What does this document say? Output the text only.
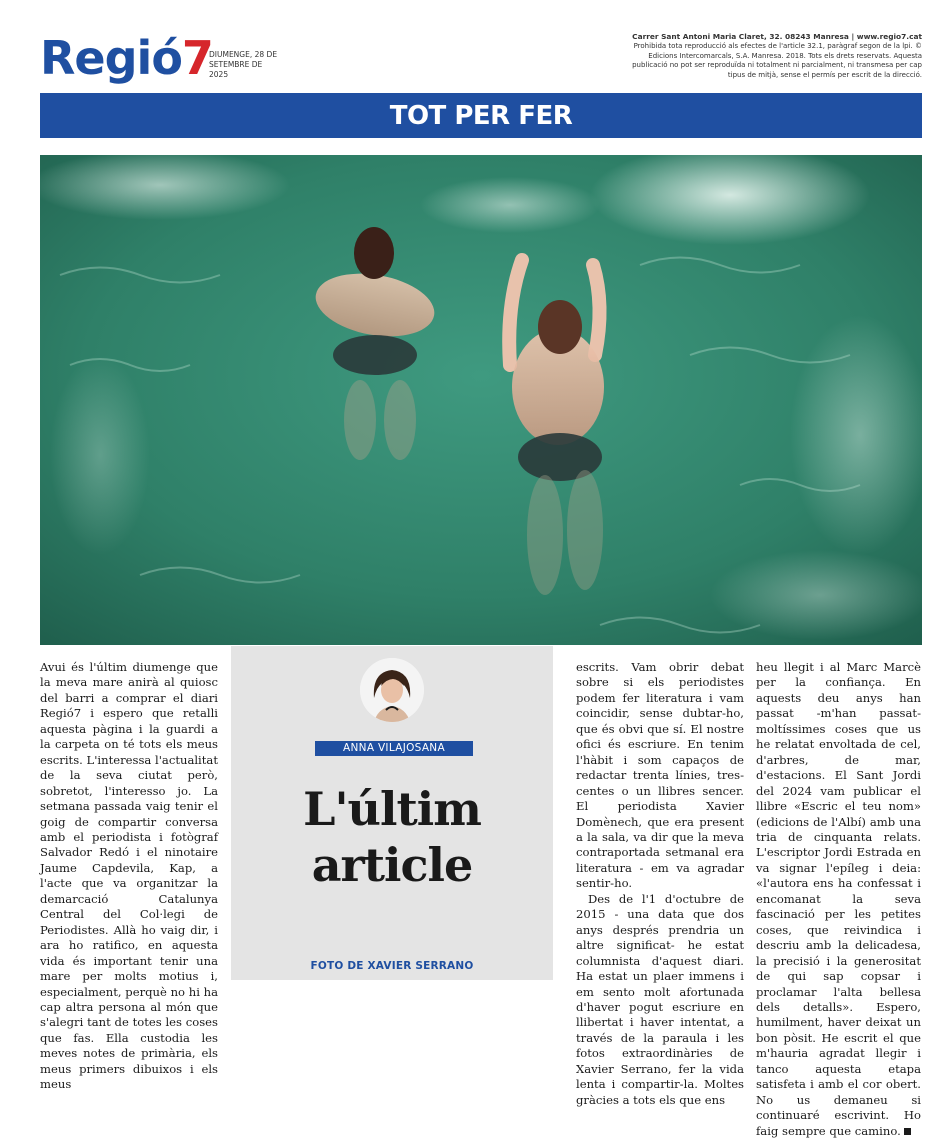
Regió7
DIUMENGE, 28 DE SETEMBRE DE 2025
Carrer Sant Antoni Maria Claret, 32. 08243 Manresa | www.regio7.cat
Prohibida tota reproducció als efectes de l'article 32.1, paràgraf segon de la lpi. © Edicions Intercomarcals, S.A. Manresa. 2018. Tots els drets reservats. Aquesta publicació no pot ser reproduïda ni totalment ni parcialment, ni transmesa per cap tipus de mitjà, sense el permís per escrit de la direcció.
TOT PER FER

Avui és l'últim diumenge que la meva mare anirà al quiosc del barri a comprar el diari Regió7 i espero que retalli aquesta pàgina i la guardi a la carpeta on té tots els meus escrits. L'interessa l'actualitat de la seva ciutat però, sobretot, l'interesso jo. La setmana passada vaig tenir el goig de compartir conversa amb el periodista i fotògraf Salvador Redó i el ninotaire Jaume Capdevila, Kap, a l'acte que va organitzar la demarcació Catalunya Central del Col·legi de Periodistes. Allà ho vaig dir, i ara ho ratifico, en aquesta vida és important tenir una mare per molts motius i, especialment, perquè no hi ha cap altra persona al món que s'alegri tant de totes les coses que fas. Ella custodia les meves notes de primària, els meus primers dibuixos i els meus

ANNA VILAJOSANA
L'últim article
FOTO DE XAVIER SERRANO

escrits. Vam obrir debat sobre si els periodistes podem fer literatura i vam coincidir, sense dubtar-ho, que és obvi que sí. El nostre ofici és escriure. En tenim l'hàbit i som capaços de redactar trenta línies, tres-centes o un llibres sencer. El periodista Xavier Domènech, que era present a la sala, va dir que la meva contraportada setmanal era literatura - em va agradar sentir-ho.

Des de l'1 d'octubre de 2015 - una data que dos anys després prendria un altre significat- he estat columnista d'aquest diari. Ha estat un plaer immens i em sento molt afortunada d'haver pogut escriure en llibertat i haver intentat, a través de la paraula i les fotos extraordinàries de Xavier Serrano, fer la vida lenta i compartir-la. Moltes gràcies a tots els que ens

heu llegit i al Marc Marcè per la confiança. En aquests deu anys han passat -m'han passat- moltíssimes coses que us he relatat envoltada de cel, d'arbres, de mar, d'estacions. El Sant Jordi del 2024 vam publicar el llibre «Escric el teu nom» (edicions de l'Albí) amb una tria de cinquanta relats. L'escriptor Jordi Estrada en va signar l'epíleg i deia: «l'autora ens ha confessat i encomanat la seva fascinació per les petites coses, que reivindica i descriu amb la delicadesa, la precisió i la generositat de qui sap copsar i proclamar l'alta bellesa dels detalls». Espero, humilment, haver deixat un bon pòsit. He escrit el que m'hauria agradat llegir i tanco aquesta etapa satisfeta i amb el cor obert. No us demaneu si continuaré escrivint. Ho faig sempre que camino.
